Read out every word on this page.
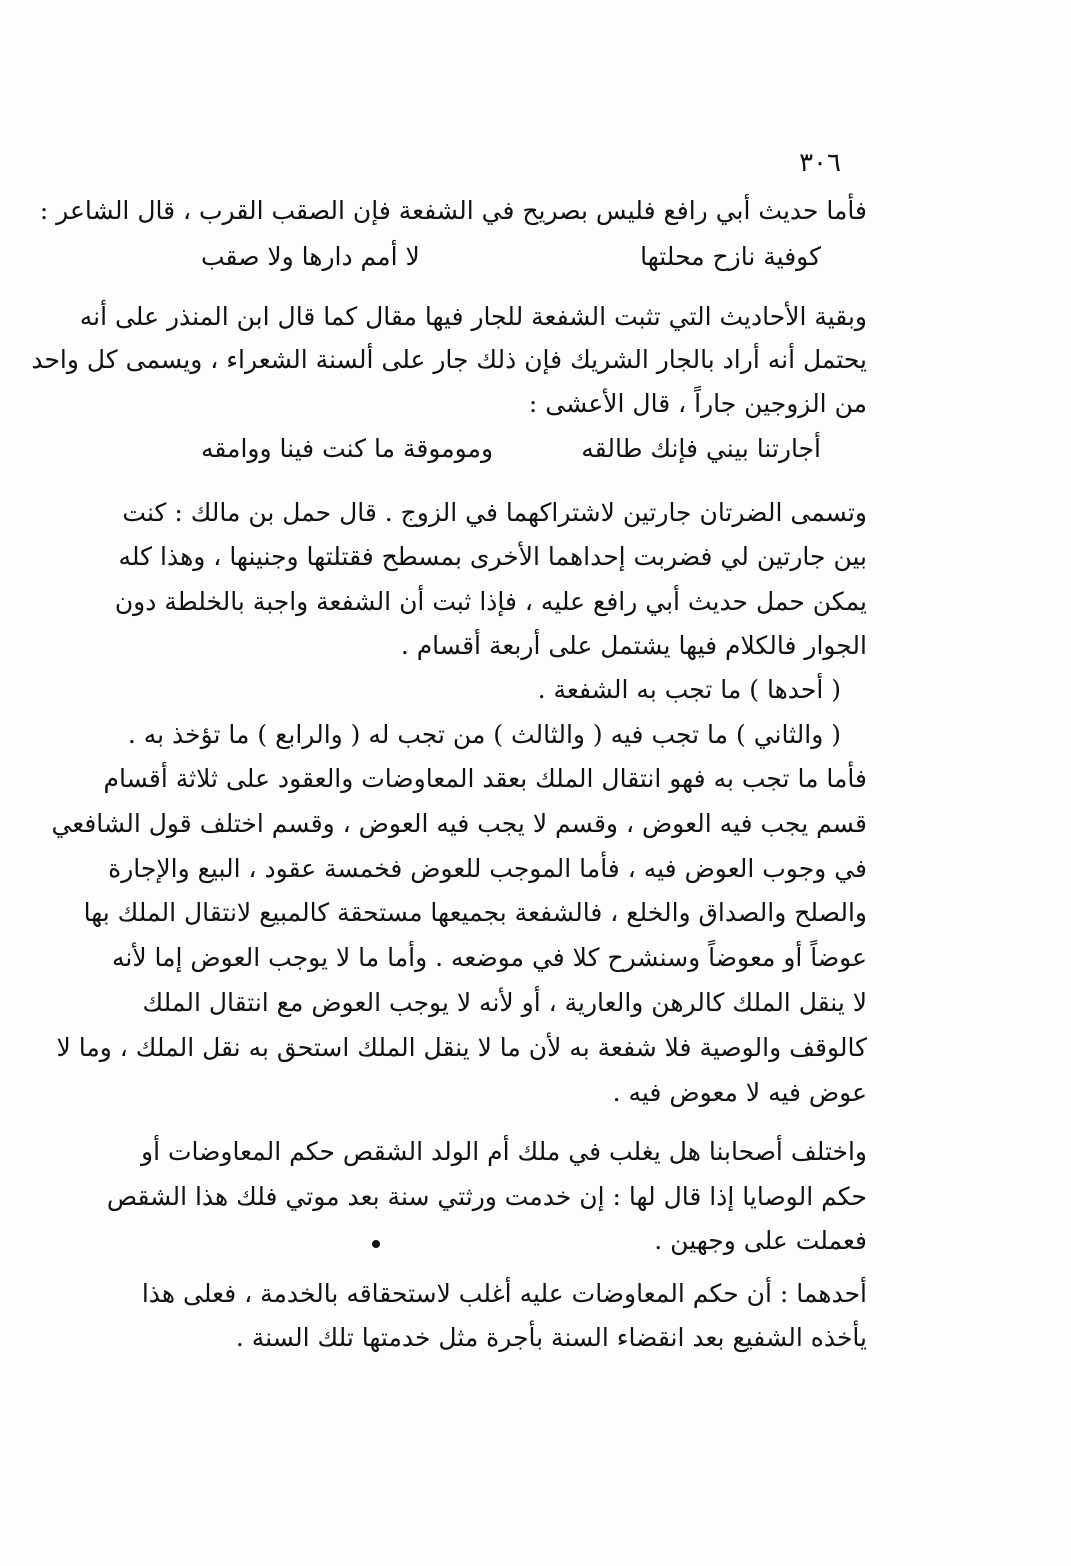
٣٠٦
فأما حديث أبي رافع فليس بصريح في الشفعة فإن الصقب القرب ، قال الشاعر :
كوفية نازح محلتها
لا أمم دارها ولا صقب
وبقية الأحاديث التي تثبت الشفعة للجار فيها مقال كما قال ابن المنذر على أنه
يحتمل أنه أراد بالجار الشريك فإن ذلك جار على ألسنة الشعراء ، ويسمى كل واحد
من الزوجين جاراً ، قال الأعشى :
أجارتنا بيني فإنك طالقه
وموموقة ما كنت فينا ووامقه
وتسمى الضرتان جارتين لاشتراكهما في الزوج . قال حمل بن مالك : كنت
بين جارتين لي فضربت إحداهما الأخرى بمسطح فقتلتها وجنينها ، وهذا كله
يمكن حمل حديث أبي رافع عليه ، فإذا ثبت أن الشفعة واجبة بالخلطة دون
الجوار فالكلام فيها يشتمل على أربعة أقسام .
( أحدها ) ما تجب به الشفعة .
( والثاني ) ما تجب فيه ( والثالث ) من تجب له ( والرابع ) ما تؤخذ به .
فأما ما تجب به فهو انتقال الملك بعقد المعاوضات والعقود على ثلاثة أقسام
قسم يجب فيه العوض ، وقسم لا يجب فيه العوض ، وقسم اختلف قول الشافعي
في وجوب العوض فيه ، فأما الموجب للعوض فخمسة عقود ، البيع والإجارة
والصلح والصداق والخلع ، فالشفعة بجميعها مستحقة كالمبيع لانتقال الملك بها
عوضاً أو معوضاً وسنشرح كلا في موضعه . وأما ما لا يوجب العوض إما لأنه
لا ينقل الملك كالرهن والعارية ، أو لأنه لا يوجب العوض مع انتقال الملك
كالوقف والوصية فلا شفعة به لأن ما لا ينقل الملك استحق به نقل الملك ، وما لا
عوض فيه لا معوض فيه .
واختلف أصحابنا هل يغلب في ملك أم الولد الشقص حكم المعاوضات أو
حكم الوصايا إذا قال لها : إن خدمت ورثتي سنة بعد موتي فلك هذا الشقص
فعملت على وجهين .
أحدهما : أن حكم المعاوضات عليه أغلب لاستحقاقه بالخدمة ، فعلى هذا
يأخذه الشفيع بعد انقضاء السنة بأجرة مثل خدمتها تلك السنة .
